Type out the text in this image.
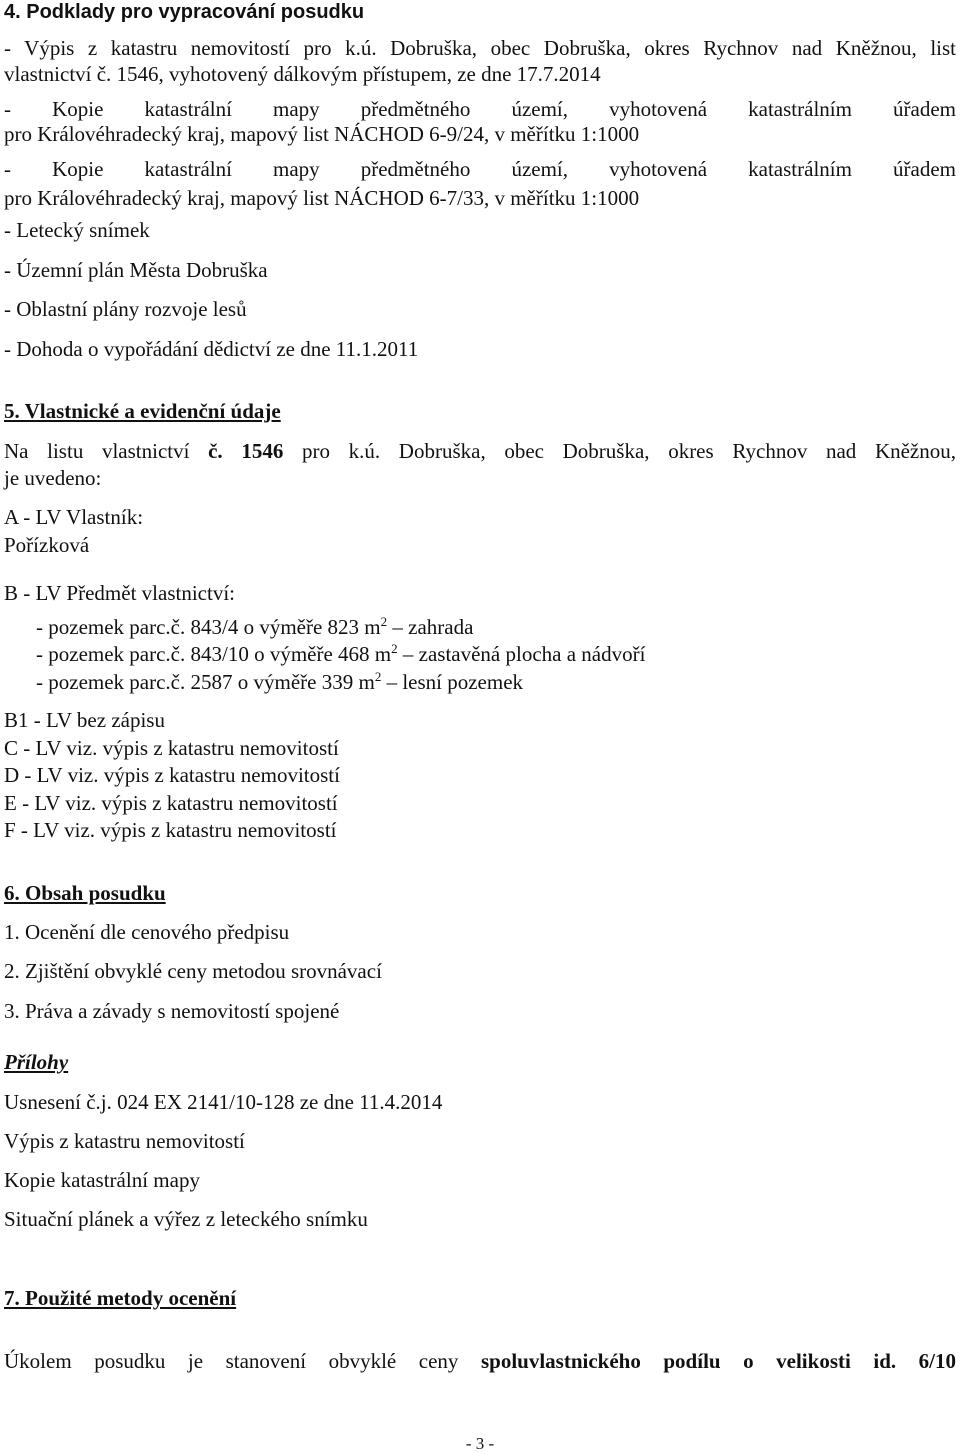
4. Podklady pro vypracování posudku

- Výpis z katastru nemovitostí pro k.ú. Dobruška, obec Dobruška, okres Rychnov nad Kněžnou, list

vlastnictví č. 1546, vyhotovený dálkovým přístupem, ze dne 17.7.2014

- Kopie katastrální mapy předmětného území, vyhotovená katastrálním úřadem

pro Královéhradecký kraj, mapový list NÁCHOD 6-9/24, v měřítku 1:1000

- Kopie katastrální mapy předmětného území, vyhotovená katastrálním úřadem

pro Královéhradecký kraj, mapový list NÁCHOD 6-7/33, v měřítku 1:1000

- Letecký snímek

- Územní plán Města Dobruška

- Oblastní plány rozvoje lesů

- Dohoda o vypořádání dědictví ze dne 11.1.2011

5. Vlastnické a evidenční údaje

Na listu vlastnictví č. 1546 pro k.ú. Dobruška, obec Dobruška, okres Rychnov nad Kněžnou,

je uvedeno:

A - LV Vlastník:

Pořízková

B - LV Předmět vlastnictví:

- pozemek parc.č. 843/4 o výměře 823 $m^2$ – zahrada

- pozemek parc.č. 843/10 o výměře 468 $m^2$ – zastavěná plocha a nádvoří

- pozemek parc.č. 2587 o výměře 339 $m^2$ – lesní pozemek

B1 - LV bez zápisu

C - LV viz. výpis z katastru nemovitostí

D - LV viz. výpis z katastru nemovitostí

E - LV viz. výpis z katastru nemovitostí

F - LV viz. výpis z katastru nemovitostí

6. Obsah posudku

1. Ocenění dle cenového předpisu

2. Zjištění obvyklé ceny metodou srovnávací

3. Práva a závady s nemovitostí spojené

Přílohy

Usnesení č.j. 024 EX 2141/10-128 ze dne 11.4.2014

Výpis z katastru nemovitostí

Kopie katastrální mapy

Situační plánek a výřez z leteckého snímku

7. Použité metody ocenění

Úkolem posudku je stanovení obvyklé ceny spoluvlastnického podílu o velikosti id. 6/10

- 3 -
